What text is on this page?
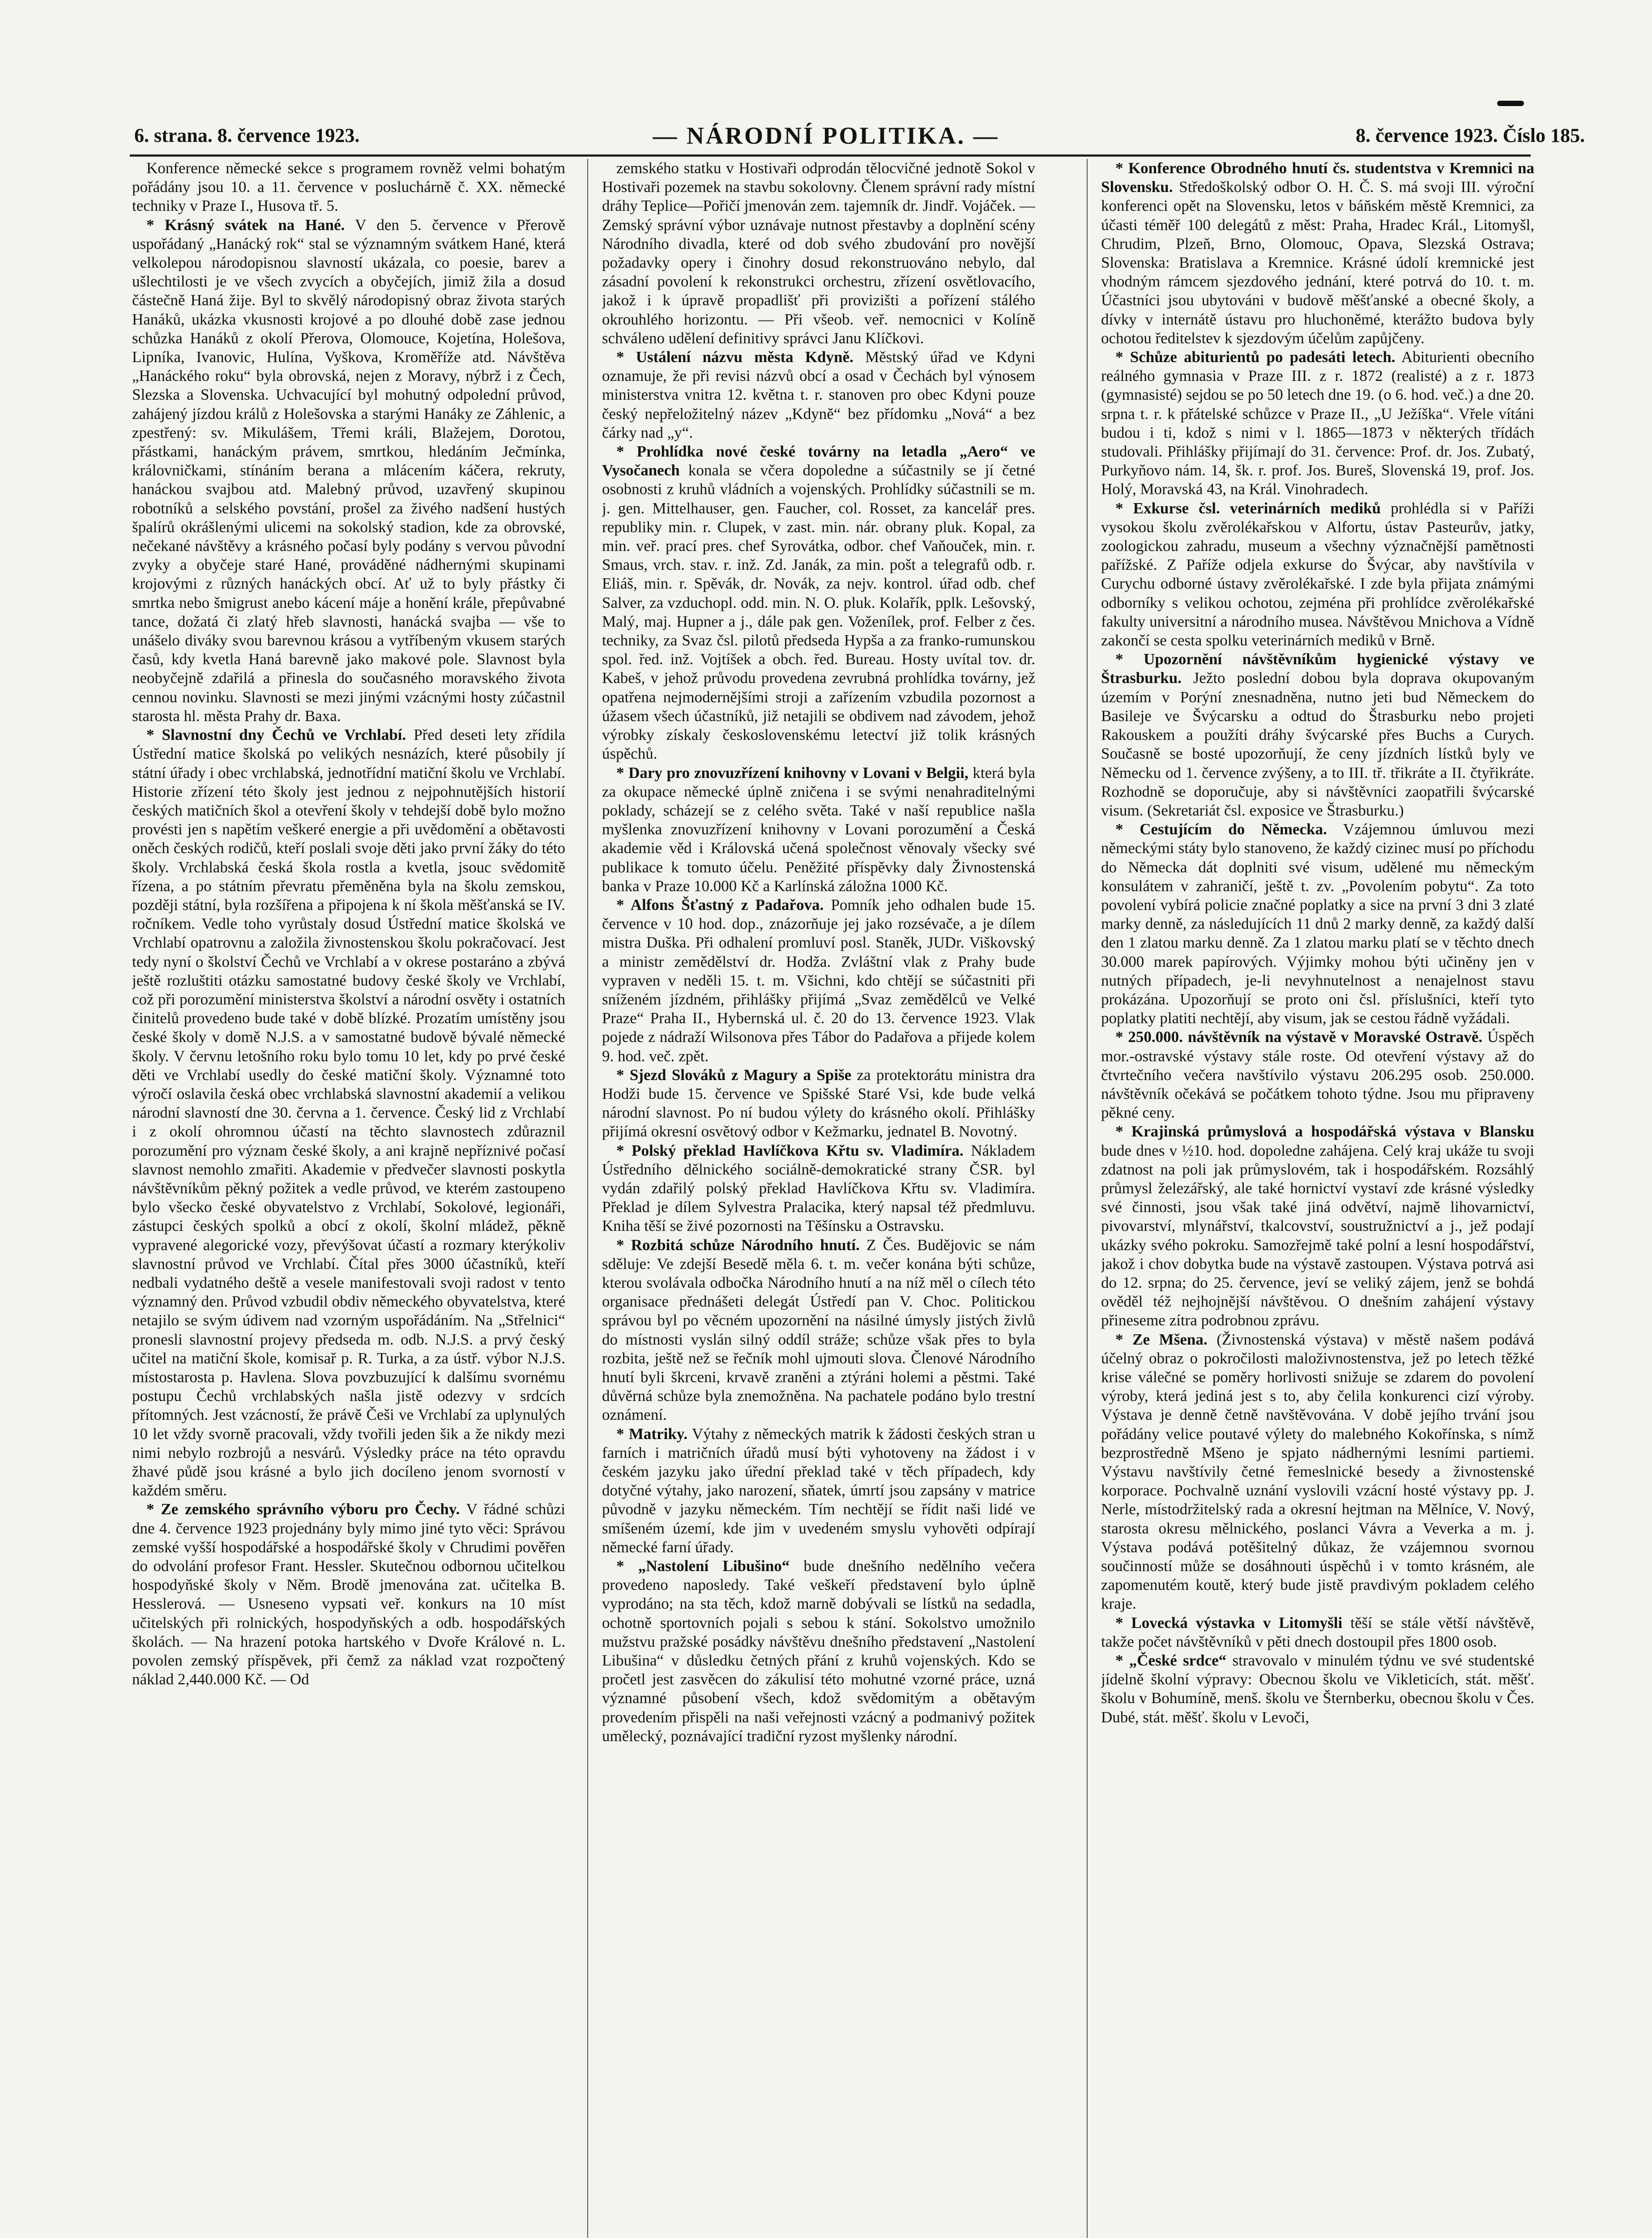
6. strana. 8. července 1923.	— NÁRODNÍ POLITIKA. —	8. července 1923. Číslo 185.

Konference německé sekce s programem rovněž velmi bohatým pořádány jsou 10. a 11. července v posluchárně č. XX. německé techniky v Praze I., Husova tř. 5.

* Krásný svátek na Hané. V den 5. července v Přerově uspořádaný „Hanácký rok“ stal se významným svátkem Hané, která velkolepou národopisnou slavností ukázala, co poesie, barev a ušlechtilosti je ve všech zvycích a obyčejích, jimiž žila a dosud částečně Haná žije. Byl to skvělý národopisný obraz života starých Hanáků, ukázka vkusnosti krojové a po dlouhé době zase jednou schůzka Hanáků z okolí Přerova, Olomouce, Kojetína, Holešova, Lipníka, Ivanovic, Hulína, Vyškova, Kroměříže atd. Návštěva „Hanáckého roku“ byla obrovská, nejen z Moravy, nýbrž i z Čech, Slezska a Slovenska. Uchvacující byl mohutný odpolední průvod, zahájený jízdou králů z Holešovska a starými Hanáky ze Záhlenic, a zpestřený: sv. Mikulášem, Třemi králi, Blažejem, Dorotou, přástkami, hanáckým právem, smrtkou, hledáním Ječmínka, královničkami, stínáním berana a mlácením káčera, rekruty, hanáckou svajbou atd. Malebný průvod, uzavřený skupinou robotníků a selského povstání, prošel za živého nadšení hustých špalírů okrášlenými ulicemi na sokolský stadion, kde za obrovské, nečekané návštěvy a krásného počasí byly podány s vervou původní zvyky a obyčeje staré Hané, prováděné nádhernými skupinami krojovými z různých hanáckých obcí. Ať už to byly přástky či smrtka nebo šmigrust anebo kácení máje a honění krále, přepůvabné tance, dožatá či zlatý hřeb slavnosti, hanácká svajba — vše to unášelo diváky svou barevnou krásou a vytříbeným vkusem starých časů, kdy kvetla Haná barevně jako makové pole. Slavnost byla neobyčejně zdařilá a přinesla do současného moravského života cennou novinku. Slavnosti se mezi jinými vzácnými hosty zúčastnil starosta hl. města Prahy dr. Baxa.

* Slavnostní dny Čechů ve Vrchlabí. Před deseti lety zřídila Ústřední matice školská po velikých nesnázích, které působily jí státní úřady i obec vrchlabská, jednotřídní matiční školu ve Vrchlabí. Historie zřízení této školy jest jednou z nejpohnutějších historií českých matičních škol a otevření školy v tehdejší době bylo možno provésti jen s napětím veškeré energie a při uvědomění a obětavosti oněch českých rodičů, kteří poslali svoje děti jako první žáky do této školy. Vrchlabská česká škola rostla a kvetla, jsouc svědomitě řízena, a po státním převratu přeměněna byla na školu zemskou, později státní, byla rozšířena a připojena k ní škola měšťanská se IV. ročníkem. Vedle toho vyrůstaly dosud Ústřední matice školská ve Vrchlabí opatrovnu a založila živnostenskou školu pokračovací. Jest tedy nyní o školství Čechů ve Vrchlabí a v okrese postaráno a zbývá ještě rozluštiti otázku samostatné budovy české školy ve Vrchlabí, což při porozumění ministerstva školství a národní osvěty i ostatních činitelů provedeno bude také v době blízké. Prozatím umístěny jsou české školy v domě N.J.S. a v samostatné budově bývalé německé školy. V červnu letošního roku bylo tomu 10 let, kdy po prvé české děti ve Vrchlabí usedly do české matiční školy. Významné toto výročí oslavila česká obec vrchlabská slavnostní akademií a velikou národní slavností dne 30. června a 1. července. Český lid z Vrchlabí i z okolí ohromnou účastí na těchto slavnostech zdůraznil porozumění pro význam české školy, a ani krajně nepříznivé počasí slavnost nemohlo zmařiti. Akademie v předvečer slavnosti poskytla návštěvníkům pěkný požitek a vedle průvod, ve kterém zastoupeno bylo všecko české obyvatelstvo z Vrchlabí, Sokolové, legionáři, zástupci českých spolků a obcí z okolí, školní mládež, pěkně vypravené alegorické vozy, převýšovat účastí a rozmary kterýkoliv slavnostní průvod ve Vrchlabí. Čítal přes 3000 účastníků, kteří nedbali vydatného deště a vesele manifestovali svoji radost v tento významný den. Průvod vzbudil obdiv německého obyvatelstva, které netajilo se svým údivem nad vzorným uspořádáním. Na „Střelnici“ pronesli slavnostní projevy předseda m. odb. N.J.S. a prvý český učitel na matiční škole, komisař p. R. Turka, a za ústř. výbor N.J.S. místostarosta p. Havlena. Slova povzbuzující k dalšímu svornému postupu Čechů vrchlabských našla jistě odezvy v srdcích přítomných. Jest vzácností, že právě Češi ve Vrchlabí za uplynulých 10 let vždy svorně pracovali, vždy tvořili jeden šik a že nikdy mezi nimi nebylo rozbrojů a nesvárů. Výsledky práce na této opravdu žhavé půdě jsou krásné a bylo jich docíleno jenom svorností v každém směru.

* Ze zemského správního výboru pro Čechy. V řádné schůzi dne 4. července 1923 projednány byly mimo jiné tyto věci: Správou zemské vyšší hospodářské a hospodářské školy v Chrudimi pověřen do odvolání profesor Frant. Hessler. Skutečnou odbornou učitelkou hospodyňské školy v Něm. Brodě jmenována zat. učitelka B. Hesslerová. — Usneseno vypsati veř. konkurs na 10 míst učitelských při rolnických, hospodyňských a odb. hospodářských školách. — Na hrazení potoka hartského v Dvoře Králové n. L. povolen zemský příspěvek, při čemž za náklad vzat rozpočtený náklad 2,440.000 Kč. — Od

zemského statku v Hostivaři odprodán tělocvičné jednotě Sokol v Hostivaři pozemek na stavbu sokolovny. Členem správní rady místní dráhy Teplice—Pořičí jmenován zem. tajemník dr. Jindř. Vojáček. — Zemský správní výbor uznávaje nutnost přestavby a doplnění scény Národního divadla, které od dob svého zbudování pro novější požadavky opery i činohry dosud rekonstruováno nebylo, dal zásadní povolení k rekonstrukci orchestru, zřízení osvětlovacího, jakož i k úpravě propadlišť při provizišti a pořízení stálého okrouhlého horizontu. — Při všeob. veř. nemocnici v Kolíně schváleno udělení definitivy správci Janu Klíčkovi.

* Ustálení názvu města Kdyně. Městský úřad ve Kdyni oznamuje, že při revisi názvů obcí a osad v Čechách byl výnosem ministerstva vnitra 12. května t. r. stanoven pro obec Kdyni pouze český nepřeložitelný název „Kdyně“ bez přídomku „Nová“ a bez čárky nad „y“.

* Prohlídka nové české továrny na letadla „Aero“ ve Vysočanech konala se včera dopoledne a súčastnily se jí četné osobnosti z kruhů vládních a vojenských. Prohlídky súčastnili se m. j. gen. Mittelhauser, gen. Faucher, col. Rosset, za kancelář pres. republiky min. r. Clupek, v zast. min. nár. obrany pluk. Kopal, za min. veř. prací pres. chef Syrovátka, odbor. chef Vaňouček, min. r. Smaus, vrch. stav. r. inž. Zd. Janák, za min. pošt a telegrafů odb. r. Eliáš, min. r. Spěvák, dr. Novák, za nejv. kontrol. úřad odb. chef Salver, za vzduchopl. odd. min. N. O. pluk. Kolařík, pplk. Lešovský, Malý, maj. Hupner a j., dále pak gen. Voženílek, prof. Felber z čes. techniky, za Svaz čsl. pilotů předseda Hypša a za franko-rumunskou spol. řed. inž. Vojtíšek a obch. řed. Bureau. Hosty uvítal tov. dr. Kabeš, v jehož průvodu provedena zevrubná prohlídka továrny, jež opatřena nejmodernějšími stroji a zařízením vzbudila pozornost a úžasem všech účastníků, již netajili se obdivem nad závodem, jehož výrobky získaly československému letectví již tolik krásných úspěchů.

* Dary pro znovuzřízení knihovny v Lovani v Belgii, která byla za okupace německé úplně zničena i se svými nenahraditelnými poklady, scházejí se z celého světa. Také v naší republice našla myšlenka znovuzřízení knihovny v Lovani porozumění a Česká akademie věd i Královská učená společnost věnovaly všecky své publikace k tomuto účelu. Peněžité příspěvky daly Živnostenská banka v Praze 10.000 Kč a Karlínská záložna 1000 Kč.

* Alfons Šťastný z Padařova. Pomník jeho odhalen bude 15. července v 10 hod. dop., znázorňuje jej jako rozsévače, a je dílem mistra Duška. Při odhalení promluví posl. Staněk, JUDr. Viškovský a ministr zemědělství dr. Hodža. Zvláštní vlak z Prahy bude vypraven v neděli 15. t. m. Všichni, kdo chtějí se súčastniti při sníženém jízdném, přihlášky přijímá „Svaz zemědělců ve Velké Praze“ Praha II., Hybernská ul. č. 20 do 13. července 1923. Vlak pojede z nádraží Wilsonova přes Tábor do Padařova a přijede kolem 9. hod. več. zpět.

* Sjezd Slováků z Magury a Spiše za protektorátu ministra dra Hodži bude 15. července ve Spišské Staré Vsi, kde bude velká národní slavnost. Po ní budou výlety do krásného okolí. Přihlášky přijímá okresní osvětový odbor v Kežmarku, jednatel B. Novotný.

* Polský překlad Havlíčkova Křtu sv. Vladimíra. Nákladem Ústředního dělnického sociálně-demokratické strany ČSR. byl vydán zdařilý polský překlad Havlíčkova Křtu sv. Vladimíra. Překlad je dílem Sylvestra Pralacika, který napsal též předmluvu. Kniha těší se živé pozornosti na Těšínsku a Ostravsku.

* Rozbitá schůze Národního hnutí. Z Čes. Budějovic se nám sděluje: Ve zdejší Besedě měla 6. t. m. večer konána býti schůze, kterou svolávala odbočka Národního hnutí a na níž měl o cílech této organisace přednášeti delegát Ústředí pan V. Choc. Politickou správou byl po věcném upozornění na násilné úmysly jistých živlů do místnosti vyslán silný oddíl stráže; schůze však přes to byla rozbita, ještě než se řečník mohl ujmouti slova. Členové Národního hnutí byli škrceni, krvavě zraněni a ztýráni holemi a pěstmi. Také důvěrná schůze byla znemožněna. Na pachatele podáno bylo trestní oznámení.

* Matriky. Výtahy z německých matrik k žádosti českých stran u farních i matričních úřadů musí býti vyhotoveny na žádost i v českém jazyku jako úřední překlad také v těch případech, kdy dotyčné výtahy, jako narození, sňatek, úmrtí jsou zapsány v matrice původně v jazyku německém. Tím nechtějí se řídit naši lidé ve smíšeném území, kde jim v uvedeném smyslu vyhověti odpírají německé farní úřady.

* „Nastolení Libušino“ bude dnešního nedělního večera provedeno naposledy. Také veškeří představení bylo úplně vyprodáno; na sta těch, kdož marně dobývali se lístků na sedadla, ochotně sportovních pojali s sebou k stání. Sokolstvo umožnilo mužstvu pražské posádky návštěvu dnešního představení „Nastolení Libušina“ v důsledku četných přání z kruhů vojenských. Kdo se pročetl jest zasvěcen do zákulisí této mohutné vzorné práce, uzná významné působení všech, kdož svědomitým a obětavým provedením přispěli na naši veřejnosti vzácný a podmanivý požitek umělecký, poznávající tradiční ryzost myšlenky národní.

* Konference Obrodného hnutí čs. studentstva v Kremnici na Slovensku. Středoškolský odbor O. H. Č. S. má svoji III. výroční konferenci opět na Slovensku, letos v báňském městě Kremnici, za účasti téměř 100 delegátů z měst: Praha, Hradec Král., Litomyšl, Chrudim, Plzeň, Brno, Olomouc, Opava, Slezská Ostrava; Slovenska: Bratislava a Kremnice. Krásné údolí kremnické jest vhodným rámcem sjezdového jednání, které potrvá do 10. t. m. Účastníci jsou ubytováni v budově měšťanské a obecné školy, a dívky v internátě ústavu pro hluchoněmé, kterážto budova byly ochotou ředitelstev k sjezdovým účelům zapůjčeny.

* Schůze abiturientů po padesáti letech. Abiturienti obecního reálného gymnasia v Praze III. z r. 1872 (realisté) a z r. 1873 (gymnasisté) sejdou se po 50 letech dne 19. (o 6. hod. več.) a dne 20. srpna t. r. k přátelské schůzce v Praze II., „U Ježíška“. Vřele vítáni budou i ti, kdož s nimi v l. 1865—1873 v některých třídách studovali. Přihlášky přijímají do 31. července: Prof. dr. Jos. Zubatý, Purkyňovo nám. 14, šk. r. prof. Jos. Bureš, Slovenská 19, prof. Jos. Holý, Moravská 43, na Král. Vinohradech.

* Exkurse čsl. veterinárních mediků prohlédla si v Paříži vysokou školu zvěrolékařskou v Alfortu, ústav Pasteurův, jatky, zoologickou zahradu, museum a všechny význačnější pamětnosti pařížské. Z Paříže odjela exkurse do Švýcar, aby navštívila v Curychu odborné ústavy zvěrolékařské. I zde byla přijata známými odborníky s velikou ochotou, zejména při prohlídce zvěrolékařské fakulty universitní a národního musea. Návštěvou Mnichova a Vídně zakončí se cesta spolku veterinárních mediků v Brně.

* Upozornění návštěvníkům hygienické výstavy ve Štrasburku. Ježto poslední dobou byla doprava okupovaným územím v Porýní znesnadněna, nutno jeti bud Německem do Basileje ve Švýcarsku a odtud do Štrasburku nebo projeti Rakouskem a použíti dráhy švýcarské přes Buchs a Curych. Současně se bosté upozorňují, že ceny jízdních lístků byly ve Německu od 1. července zvýšeny, a to III. tř. třikráte a II. čtyřikráte. Rozhodně se doporučuje, aby si návštěvníci zaopatřili švýcarské visum. (Sekretariát čsl. exposice ve Štrasburku.)

* Cestujícím do Německa. Vzájemnou úmluvou mezi německými státy bylo stanoveno, že každý cizinec musí po příchodu do Německa dát doplniti své visum, udělené mu německým konsulátem v zahraničí, ještě t. zv. „Povolením pobytu“. Za toto povolení vybírá policie značné poplatky a sice na první 3 dni 3 zlaté marky denně, za následujících 11 dnů 2 marky denně, za každý další den 1 zlatou marku denně. Za 1 zlatou marku platí se v těchto dnech 30.000 marek papírových. Výjimky mohou býti učiněny jen v nutných případech, je-li nevyhnutelnost a nenajelnost stavu prokázána. Upozorňují se proto oni čsl. příslušníci, kteří tyto poplatky platiti nechtějí, aby visum, jak se cestou řádně vyžádali.

* 250.000. návštěvník na výstavě v Moravské Ostravě. Úspěch mor.-ostravské výstavy stále roste. Od otevření výstavy až do čtvrtečního večera navštívilo výstavu 206.295 osob. 250.000. návštěvník očekává se počátkem tohoto týdne. Jsou mu připraveny pěkné ceny.

* Krajinská průmyslová a hospodářská výstava v Blansku bude dnes v ½10. hod. dopoledne zahájena. Celý kraj ukáže tu svoji zdatnost na poli jak průmyslovém, tak i hospodářském. Rozsáhlý průmysl železářský, ale také hornictví vystaví zde krásné výsledky své činnosti, jsou však také jiná odvětví, najmě lihovarnictví, pivovarství, mlynářství, tkalcovství, soustružnictví a j., jež podají ukázky svého pokroku. Samozřejmě také polní a lesní hospodářství, jakož i chov dobytka bude na výstavě zastoupen. Výstava potrvá asi do 12. srpna; do 25. července, jeví se veliký zájem, jenž se bohdá ověděl též nejhojnější návštěvou. O dnešním zahájení výstavy přineseme zítra podrobnou zprávu.

* Ze Mšena. (Živnostenská výstava) v městě našem podává účelný obraz o pokročilosti maloživnostenstva, jež po letech těžké krise válečné se poměry horlivosti snižuje se zdarem do povolení výroby, která jediná jest s to, aby čelila konkurenci cizí výroby. Výstava je denně četně navštěvována. V době jejího trvání jsou pořádány velice poutavé výlety do malebného Kokořínska, s nímž bezprostředně Mšeno je spjato nádhernými lesními partiemi. Výstavu navštívily četné řemeslnické besedy a živnostenské korporace. Pochvalně uznání vyslovili vzácní hosté výstavy pp. J. Nerle, místodržitelský rada a okresní hejtman na Mělníce, V. Nový, starosta okresu mělnického, poslanci Vávra a Veverka a m. j. Výstava podává potěšitelný důkaz, že vzájemnou svornou součinností může se dosáhnouti úspěchů i v tomto krásném, ale zapomenutém koutě, který bude jistě pravdivým pokladem celého kraje.

* Lovecká výstavka v Litomyšli těší se stále větší návštěvě, takže počet návštěvníků v pěti dnech dostoupil přes 1800 osob.

* „České srdce“ stravovalo v minulém týdnu ve své studentské jídelně školní výpravy: Obecnou školu ve Vikleticích, stát. měšť. školu v Bohumíně, menš. školu ve Šternberku, obecnou školu v Čes. Dubé, stát. měšť. školu v Levoči,
